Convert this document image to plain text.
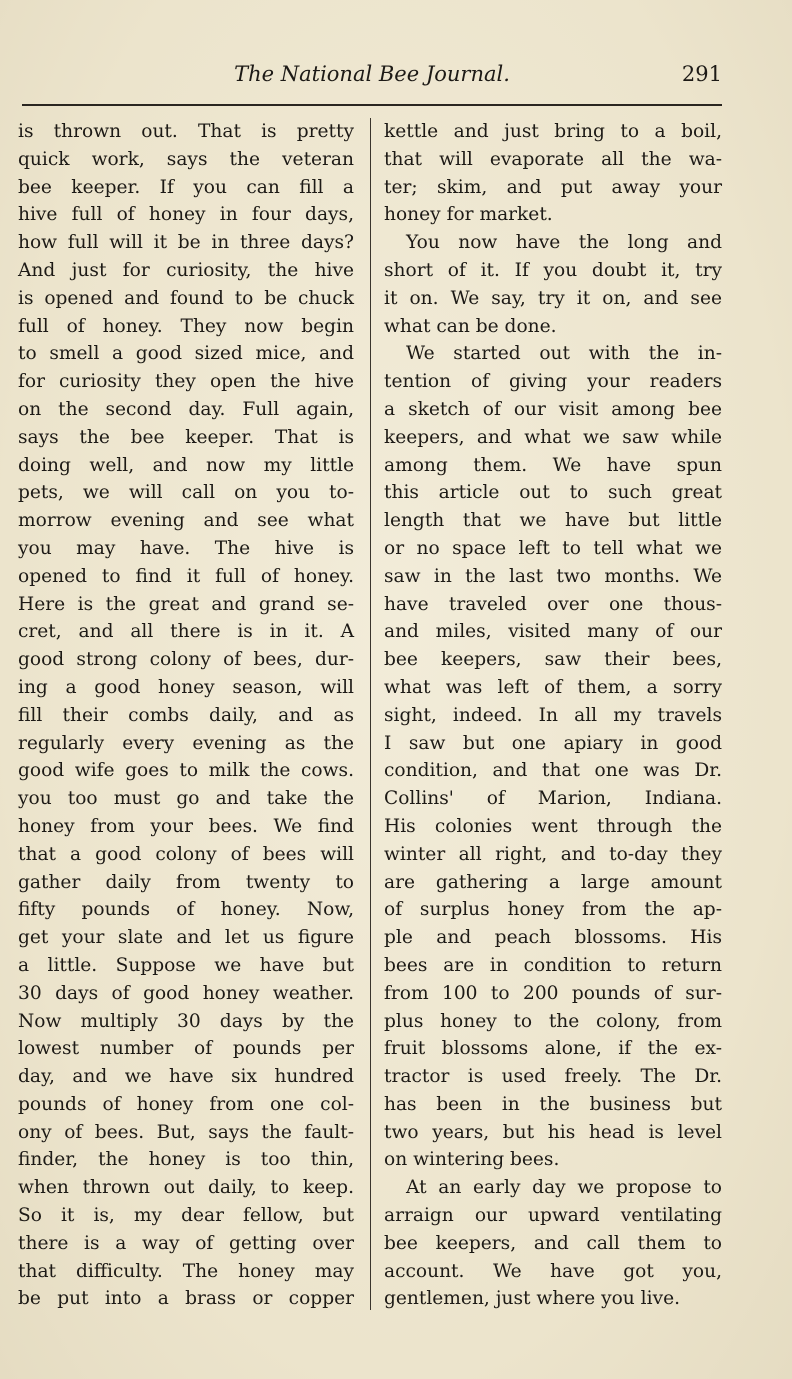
The National Bee Journal.	291
is thrown out. That is pretty
quick work, says the veteran
bee keeper. If you can fill a
hive full of honey in four days,
how full will it be in three days?
And just for curiosity, the hive
is opened and found to be chuck
full of honey. They now begin
to smell a good sized mice, and
for curiosity they open the hive
on the second day. Full again,
says the bee keeper. That is
doing well, and now my little
pets, we will call on you to-
morrow evening and see what
you may have. The hive is
opened to find it full of honey.
Here is the great and grand se-
cret, and all there is in it. A
good strong colony of bees, dur-
ing a good honey season, will
fill their combs daily, and as
regularly every evening as the
good wife goes to milk the cows.
you too must go and take the
honey from your bees. We find
that a good colony of bees will
gather daily from twenty to
fifty pounds of honey. Now,
get your slate and let us figure
a little. Suppose we have but
30 days of good honey weather.
Now multiply 30 days by the
lowest number of pounds per
day, and we have six hundred
pounds of honey from one col-
ony of bees. But, says the fault-
finder, the honey is too thin,
when thrown out daily, to keep.
So it is, my dear fellow, but
there is a way of getting over
that difficulty. The honey may
be put into a brass or copper
kettle and just bring to a boil,
that will evaporate all the wa-
ter; skim, and put away your
honey for market.
You now have the long and
short of it. If you doubt it, try
it on. We say, try it on, and see
what can be done.
We started out with the in-
tention of giving your readers
a sketch of our visit among bee
keepers, and what we saw while
among them. We have spun
this article out to such great
length that we have but little
or no space left to tell what we
saw in the last two months. We
have traveled over one thous-
and miles, visited many of our
bee keepers, saw their bees,
what was left of them, a sorry
sight, indeed. In all my travels
I saw but one apiary in good
condition, and that one was Dr.
Collins' of Marion, Indiana.
His colonies went through the
winter all right, and to-day they
are gathering a large amount
of surplus honey from the ap-
ple and peach blossoms. His
bees are in condition to return
from 100 to 200 pounds of sur-
plus honey to the colony, from
fruit blossoms alone, if the ex-
tractor is used freely. The Dr.
has been in the business but
two years, but his head is level
on wintering bees.
At an early day we propose to
arraign our upward ventilating
bee keepers, and call them to
account. We have got you,
gentlemen, just where you live.
